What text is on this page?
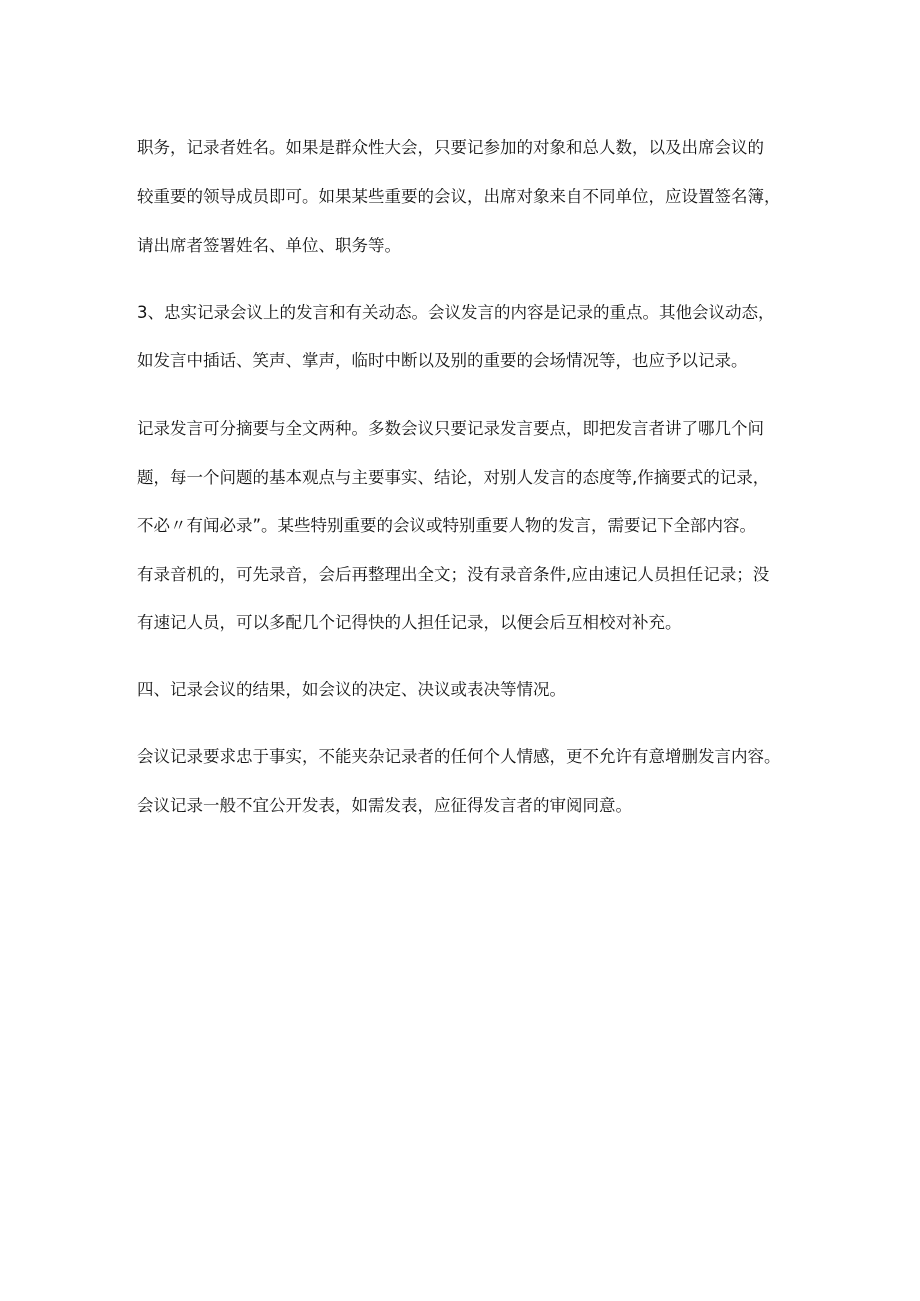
职务，记录者姓名。如果是群众性大会，只要记参加的对象和总人数，以及出席会议的
较重要的领导成员即可。如果某些重要的会议，出席对象来自不同单位，应设置签名簿，
请出席者签署姓名、单位、职务等。
3、忠实记录会议上的发言和有关动态。会议发言的内容是记录的重点。其他会议动态，
如发言中插话、笑声、掌声，临时中断以及别的重要的会场情况等，也应予以记录。
记录发言可分摘要与全文两种。多数会议只要记录发言要点，即把发言者讲了哪几个问
题，每一个问题的基本观点与主要事实、结论，对别人发言的态度等,作摘要式的记录，
不必〃有闻必录”。某些特别重要的会议或特别重要人物的发言，需要记下全部内容。
有录音机的，可先录音，会后再整理出全文；没有录音条件,应由速记人员担任记录；没
有速记人员，可以多配几个记得快的人担任记录，以便会后互相校对补充。
四、记录会议的结果，如会议的决定、决议或表决等情况。
会议记录要求忠于事实，不能夹杂记录者的任何个人情感，更不允许有意增删发言内容。
会议记录一般不宜公开发表，如需发表，应征得发言者的审阅同意。
